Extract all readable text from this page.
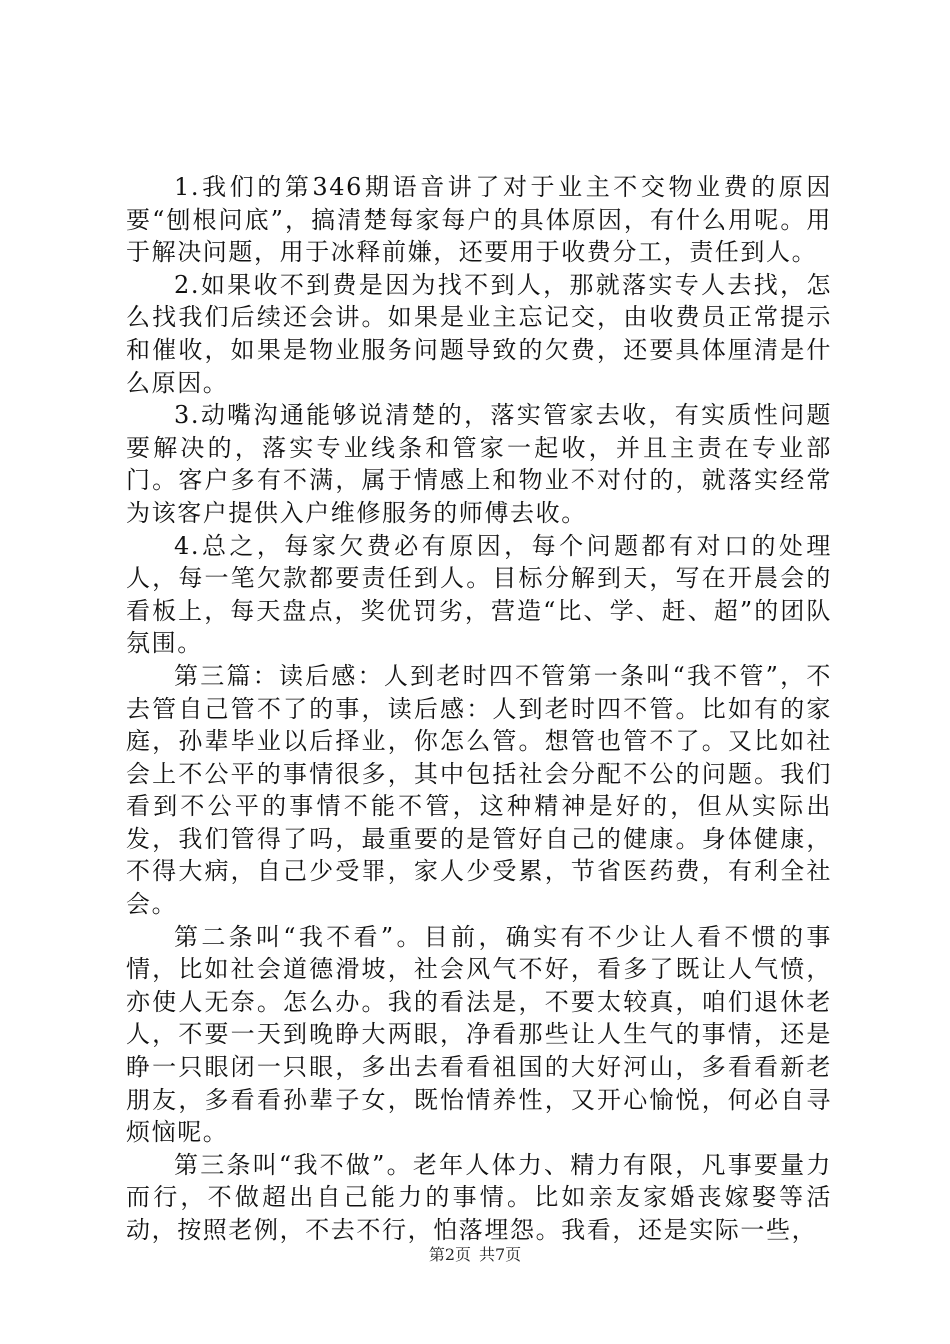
1.我们的第346期语音讲了对于业主不交物业费的原因要“刨根问底”，搞清楚每家每户的具体原因，有什么用呢。用于解决问题，用于冰释前嫌，还要用于收费分工，责任到人。

2.如果收不到费是因为找不到人，那就落实专人去找，怎么找我们后续还会讲。如果是业主忘记交，由收费员正常提示和催收，如果是物业服务问题导致的欠费，还要具体厘清是什么原因。

3.动嘴沟通能够说清楚的，落实管家去收，有实质性问题要解决的，落实专业线条和管家一起收，并且主责在专业部门。客户多有不满，属于情感上和物业不对付的，就落实经常为该客户提供入户维修服务的师傅去收。

4.总之，每家欠费必有原因，每个问题都有对口的处理人，每一笔欠款都要责任到人。目标分解到天，写在开晨会的看板上，每天盘点，奖优罚劣，营造“比、学、赶、超”的团队氛围。

第三篇：读后感：人到老时四不管第一条叫“我不管”，不去管自己管不了的事，读后感：人到老时四不管。比如有的家庭，孙辈毕业以后择业，你怎么管。想管也管不了。又比如社会上不公平的事情很多，其中包括社会分配不公的问题。我们看到不公平的事情不能不管，这种精神是好的，但从实际出发，我们管得了吗，最重要的是管好自己的健康。身体健康，不得大病，自己少受罪，家人少受累，节省医药费，有利全社会。

第二条叫“我不看”。目前，确实有不少让人看不惯的事情，比如社会道德滑坡，社会风气不好，看多了既让人气愤，亦使人无奈。怎么办。我的看法是，不要太较真，咱们退休老人，不要一天到晚睁大两眼，净看那些让人生气的事情，还是睁一只眼闭一只眼，多出去看看祖国的大好河山，多看看新老朋友，多看看孙辈子女，既怡情养性，又开心愉悦，何必自寻烦恼呢。

第三条叫“我不做”。老年人体力、精力有限，凡事要量力而行，不做超出自己能力的事情。比如亲友家婚丧嫁娶等活动，按照老例，不去不行，怕落埋怨。我看，还是实际一些，

第2页 共7页
